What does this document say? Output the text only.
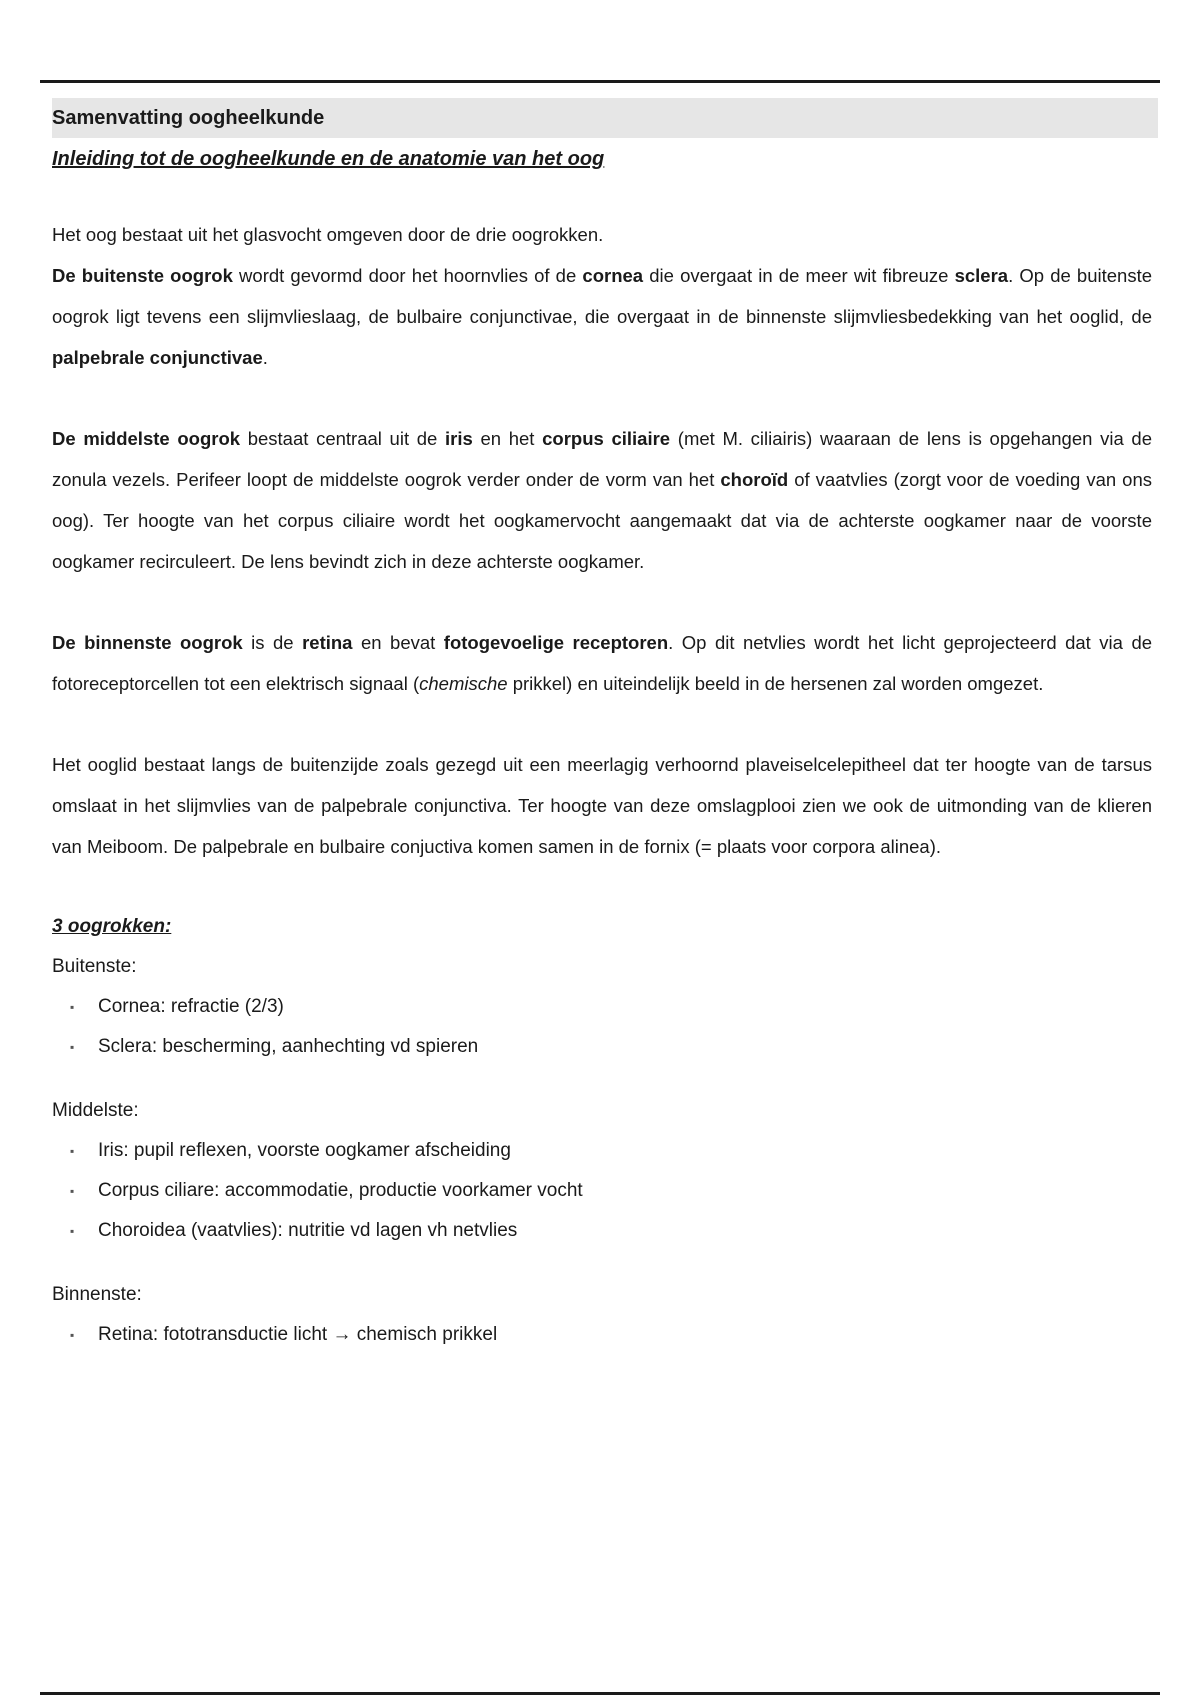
Samenvatting oogheelkunde
Inleiding tot de oogheelkunde en de anatomie van het oog

Het oog bestaat uit het glasvocht omgeven door de drie oogrokken.

De buitenste oogrok wordt gevormd door het hoornvlies of de cornea die overgaat in de meer wit fibreuze sclera. Op de buitenste oogrok ligt tevens een slijmvlieslaag, de bulbaire conjunctivae, die overgaat in de binnenste slijmvliesbedekking van het ooglid, de palpebrale conjunctivae.

De middelste oogrok bestaat centraal uit de iris en het corpus ciliaire (met M. ciliairis) waaraan de lens is opgehangen via de zonula vezels. Perifeer loopt de middelste oogrok verder onder de vorm van het choroïd of vaatvlies (zorgt voor de voeding van ons oog). Ter hoogte van het corpus ciliaire wordt het oogkamervocht aangemaakt dat via de achterste oogkamer naar de voorste oogkamer recirculeert. De lens bevindt zich in deze achterste oogkamer.

De binnenste oogrok is de retina en bevat fotogevoelige receptoren. Op dit netvlies wordt het licht geprojecteerd dat via de fotoreceptorcellen tot een elektrisch signaal (chemische prikkel) en uiteindelijk beeld in de hersenen zal worden omgezet.

Het ooglid bestaat langs de buitenzijde zoals gezegd uit een meerlagig verhoornd plaveiselcelepitheel dat ter hoogte van de tarsus omslaat in het slijmvlies van de palpebrale conjunctiva. Ter hoogte van deze omslagplooi zien we ook de uitmonding van de klieren van Meiboom. De palpebrale en bulbaire conjuctiva komen samen in de fornix (= plaats voor corpora alinea).

3 oogrokken:
Buitenste:
▪ Cornea: refractie (2/3)
▪ Sclera: bescherming, aanhechting vd spieren
Middelste:
▪ Iris: pupil reflexen, voorste oogkamer afscheiding
▪ Corpus ciliare: accommodatie, productie voorkamer vocht
▪ Choroidea (vaatvlies): nutritie vd lagen vh netvlies
Binnenste:
▪ Retina: fototransductie licht → chemisch prikkel
